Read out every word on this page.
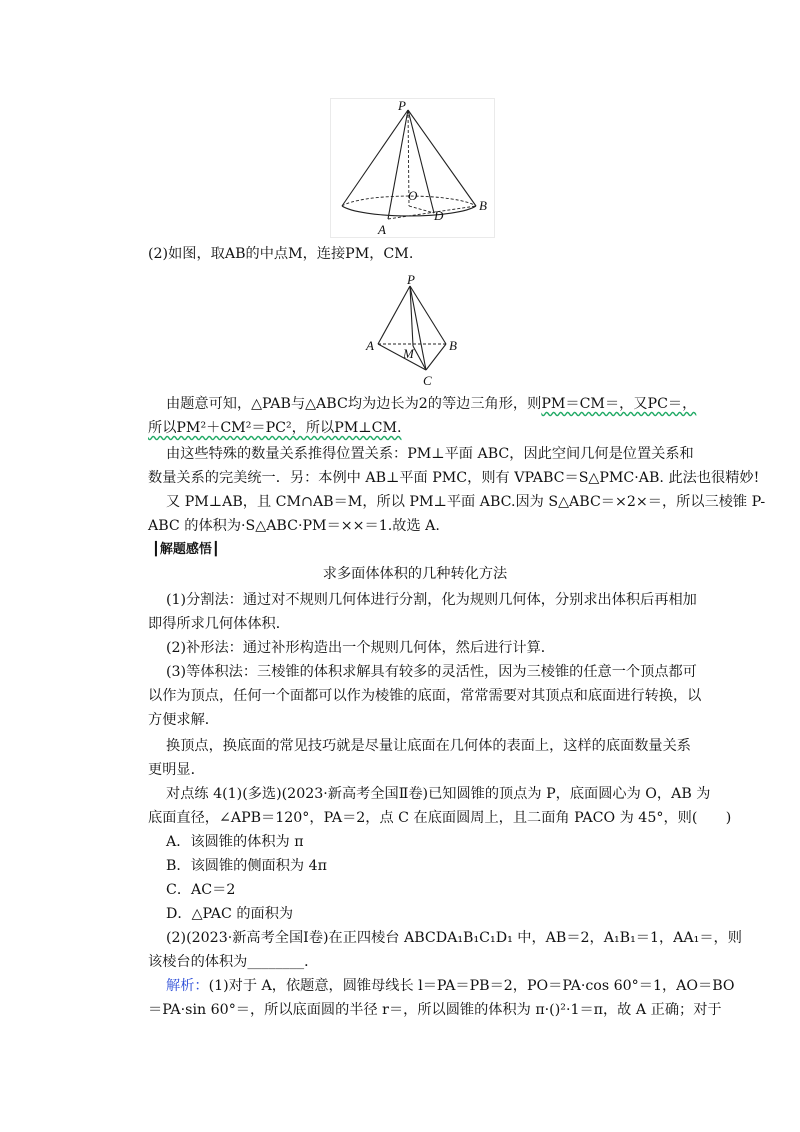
P
O
D
A
B
(2)如图，取AB的中点M，连接PM，CM.
P
A
M
B
C
由题意可知，△PAB与△ABC均为边长为2的等边三角形，则PM＝CM＝，又PC＝，
所以PM²＋CM²＝PC²，所以PM⊥CM.
由这些特殊的数量关系推得位置关系：PM⊥平面 ABC，因此空间几何是位置关系和
数量关系的完美统一．另：本例中 AB⊥平面 PMC，则有 VPABC＝S△PMC·AB. 此法也很精妙!
又 PM⊥AB，且 CM∩AB＝M，所以 PM⊥平面 ABC.因为 S△ABC＝×2×＝，所以三棱锥 P-
ABC 的体积为·S△ABC·PM＝××＝1.故选 A.
┃解题感悟┃
求多面体体积的几种转化方法
(1)分割法：通过对不规则几何体进行分割，化为规则几何体，分别求出体积后再相加
即得所求几何体体积．
(2)补形法：通过补形构造出一个规则几何体，然后进行计算．
(3)等体积法：三棱锥的体积求解具有较多的灵活性，因为三棱锥的任意一个顶点都可
以作为顶点，任何一个面都可以作为棱锥的底面，常常需要对其顶点和底面进行转换，以
方便求解．
换顶点，换底面的常见技巧就是尽量让底面在几何体的表面上，这样的底面数量关系
更明显．
对点练 4(1)(多选)(2023·新高考全国Ⅱ卷)已知圆锥的顶点为 P，底面圆心为 O，AB 为
底面直径，∠APB＝120°，PA＝2，点 C 在底面圆周上，且二面角 PACO 为 45°，则(　　)
A．该圆锥的体积为 π
B．该圆锥的侧面积为 4π
C．AC＝2
D．△PAC 的面积为
(2)(2023·新高考全国Ⅰ卷)在正四棱台 ABCDA₁B₁C₁D₁ 中，AB＝2，A₁B₁＝1，AA₁＝，则
该棱台的体积为________．
解析：(1)对于 A，依题意，圆锥母线长 l＝PA＝PB＝2，PO＝PA·cos 60°＝1，AO＝BO
＝PA·sin 60°＝，所以底面圆的半径 r＝，所以圆锥的体积为 π·()²·1＝π，故 A 正确；对于
